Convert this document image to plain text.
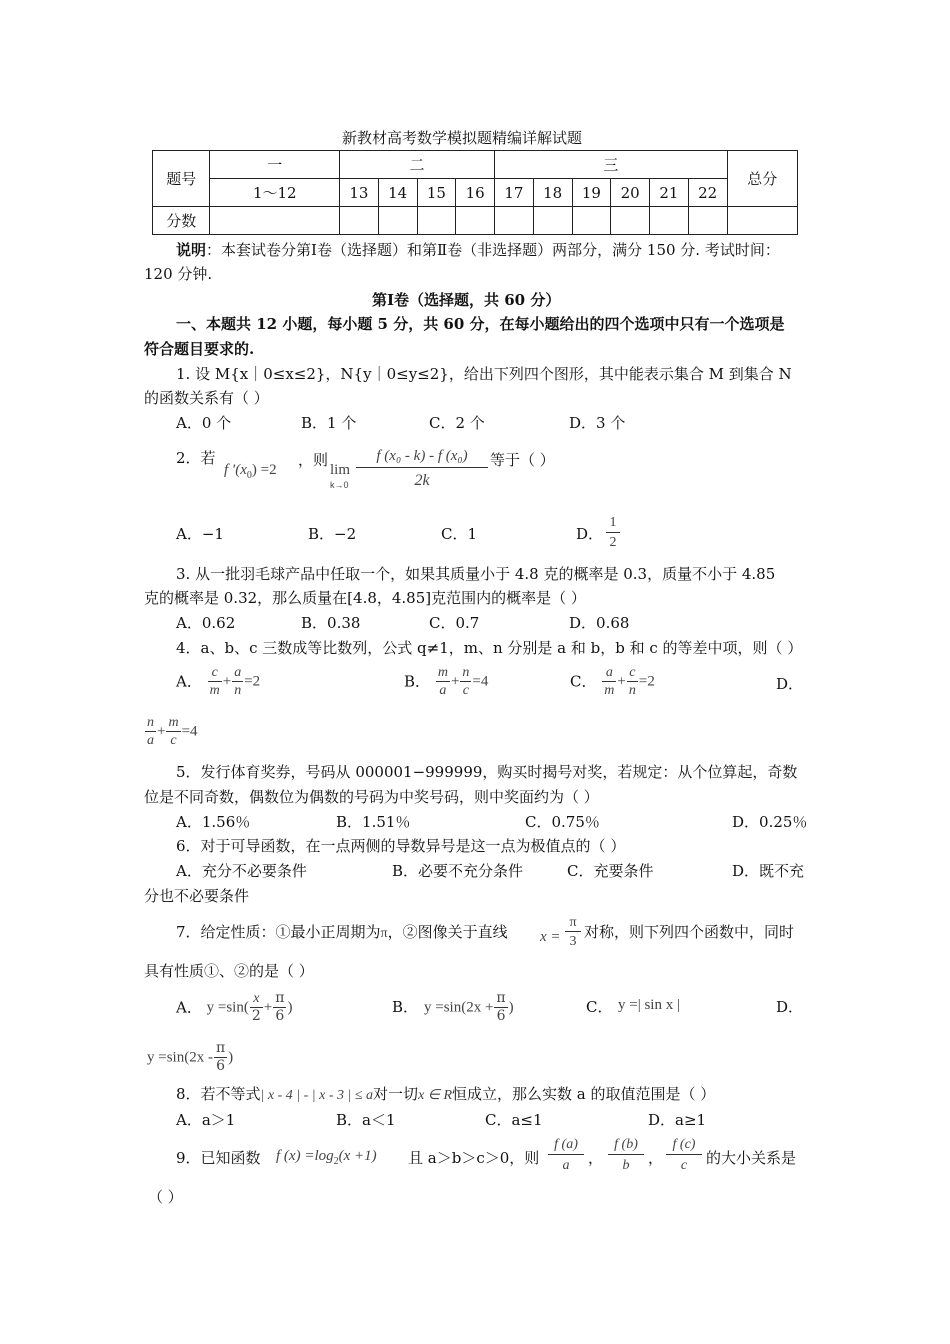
新教材高考数学模拟题精编详解试题
题号	一	二				三						总分
	1～12	13	14	15	16	17	18	19	20	21	22	
分数												
说明：本套试卷分第Ⅰ卷（选择题）和第Ⅱ卷（非选择题）两部分，满分 150 分. 考试时间：
120 分钟.
第Ⅰ卷（选择题，共 60 分）
一、本题共 12 小题，每小题 5 分，共 60 分，在每小题给出的四个选项中只有一个选项是
符合题目要求的.
1. 设 M{x｜0≤x≤2}，N{y｜0≤y≤2}，给出下列四个图形，其中能表示集合 M 到集合 N
的函数关系有（ ）
A．0 个	B．1 个	C．2 个	D．3 个
2．若
f $'(x_0) =2$
，则
lim
$k\to 0 \frac{\text{f (x₀ - k) - f (x₀)}}{2k}$ 等于（ ）
A．−1	B．−2	C．1	D． $\frac{1}{2}$
3. 从一批羽毛球产品中任取一个，如果其质量小于 4.8 克的概率是 0.3，质量不小于 4.85
克的概率是 0.32，那么质量在[4.8，4.85]克范围内的概率是（ ）
A．0.62	B．0.38	C．0.7	D．0.68
4．a、b、c 三数成等比数列，公式 q≠1，m、n 分别是 a 和 b，b 和 c 的等差中项，则（ ）
A． $\frac{c}{m} + \frac{a}{n} =2$	B． $\frac{m}{a} + \frac{n}{c} =4$	C． $\frac{a}{m} + \frac{c}{n} =2$	D．
$\frac{n}{a} + \frac{m}{c} =4$
5．发行体育奖券，号码从 000001−999999，购买时揭号对奖，若规定：从个位算起，奇数
位是不同奇数，偶数位为偶数的号码为中奖号码，则中奖面约为（ ）
A．1.56％	B．1.51％	C．0.75％	D．0.25％
6．对于可导函数，在一点两侧的导数异号是这一点为极值点的（ ）
A．充分不必要条件	B．必要不充分条件	C．充要条件	D．既不充
分也不必要条件
7．给定性质：①最小正周期为π，②图像关于直线 $x = \frac{\pi}{3}$ 对称，则下列四个函数中，同时
具有性质①、②的是（ ）
A． $y =\sin( \frac{x}{2} + \frac{\pi}{6}$ )	B． $y =\sin(2x + \frac{\pi}{6}$ )	C． y =| sin x |	D．
$y =\sin(2x - \frac{\pi}{6}$ )
8．若不等式| x - 4 | - | x - 3 | ≤ a对一切x ∈ R恒成立，那么实数 a 的取值范围是（ ）
A．a＞1	B．a＜1	C．a≤1	D．a≥1
9．已知函数 f $(x) =\log_2(x +1)$ 且 a＞b＞c＞0，则
f (a)
a	，
f (b)
b	，
f (c)
c	的大小关系是
（ ）
